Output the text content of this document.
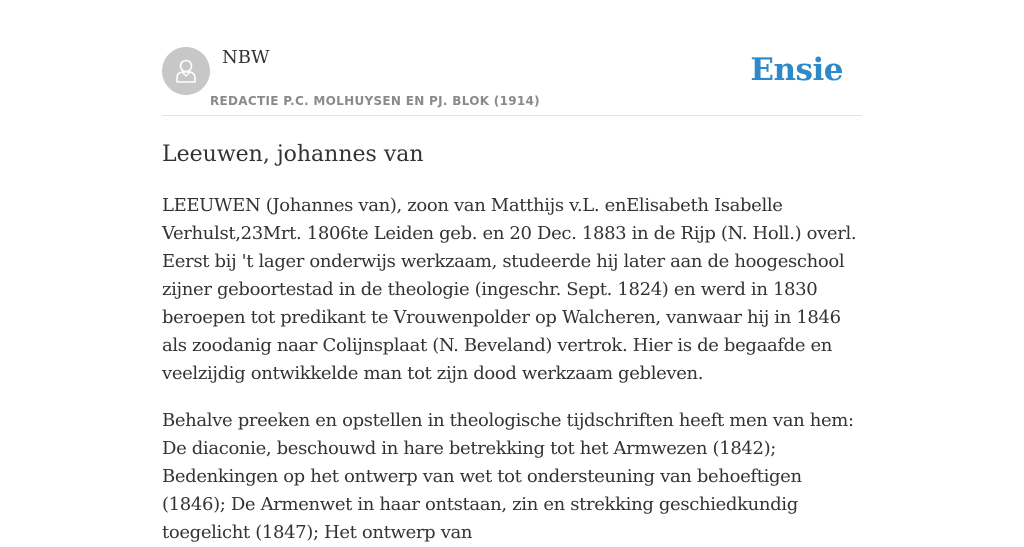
NBW
REDACTIE P.C. MOLHUYSEN EN PJ. BLOK (1914)
Ensie
Leeuwen, johannes van

LEEUWEN (Johannes van), zoon van Matthijs v.L. enElisabeth Isabelle Verhulst,23Mrt. 1806te Leiden geb. en 20 Dec. 1883 in de Rijp (N. Holl.) overl. Eerst bij 't lager onderwijs werkzaam, studeerde hij later aan de hoogeschool zijner geboortestad in de theologie (ingeschr. Sept. 1824) en werd in 1830 beroepen tot predikant te Vrouwenpolder op Walcheren, vanwaar hij in 1846 als zoodanig naar Colijnsplaat (N. Beveland) vertrok. Hier is de begaafde en veelzijdig ontwikkelde man tot zijn dood werkzaam gebleven.

Behalve preeken en opstellen in theologische tijdschriften heeft men van hem: De diaconie, beschouwd in hare betrekking tot het Armwezen (1842); Bedenkingen op het ontwerp van wet tot ondersteuning van behoeftigen (1846); De Armenwet in haar ontstaan, zin en strekking geschiedkundig toegelicht (1847); Het ontwerp van
